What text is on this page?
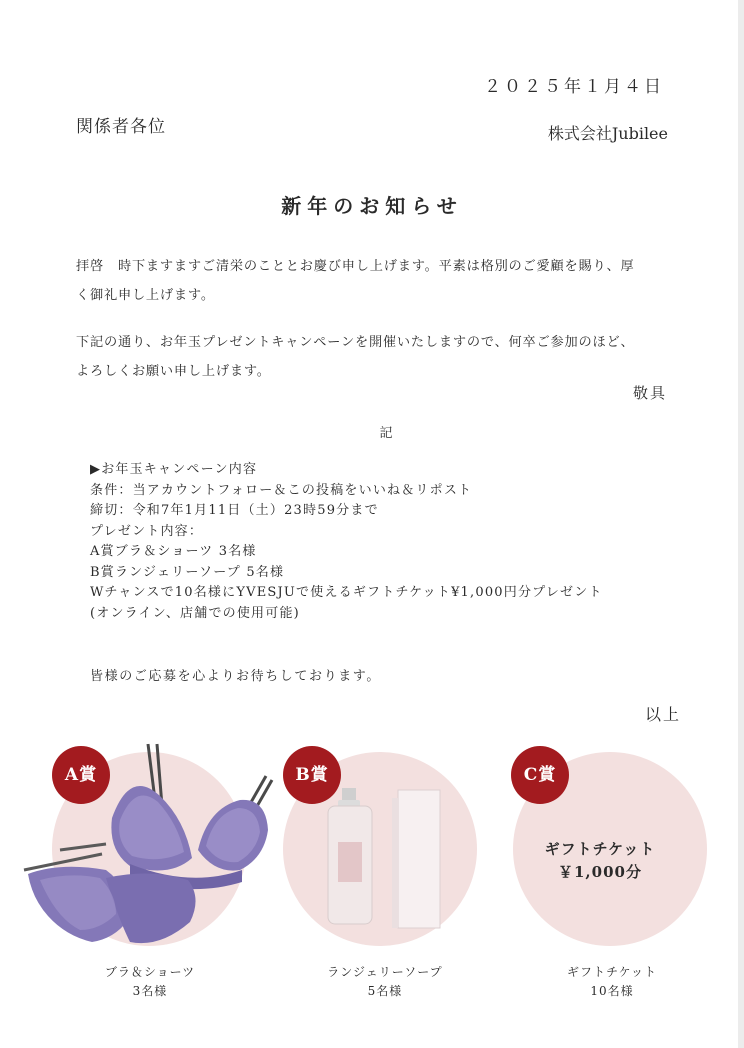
２０２５年１月４日
関係者各位	株式会社Jubilee
新年のお知らせ
拝啓　時下ますますご清栄のこととお慶び申し上げます。平素は格別のご愛顧を賜り、厚
く御礼申し上げます。
下記の通り、お年玉プレゼントキャンペーンを開催いたしますので、何卒ご参加のほど、
よろしくお願い申し上げます。
敬具
記
▶お年玉キャンペーン内容
条件：当アカウントフォロー＆この投稿をいいね＆リポスト
締切：令和7年1月11日（土）23時59分まで
プレゼント内容：
A賞ブラ＆ショーツ 3名様
B賞ランジェリーソープ 5名様
Wチャンスで10名様にYVESJUで使えるギフトチケット¥1,000円分プレゼント
(オンライン、店舗での使用可能)
皆様のご応募を心よりお待ちしております。
以上
A賞
ブラ＆ショーツ
3名様
B賞
ランジェリーソープ
5名様
C賞
ギフトチケット
￥1,000分
ギフトチケット
10名様
